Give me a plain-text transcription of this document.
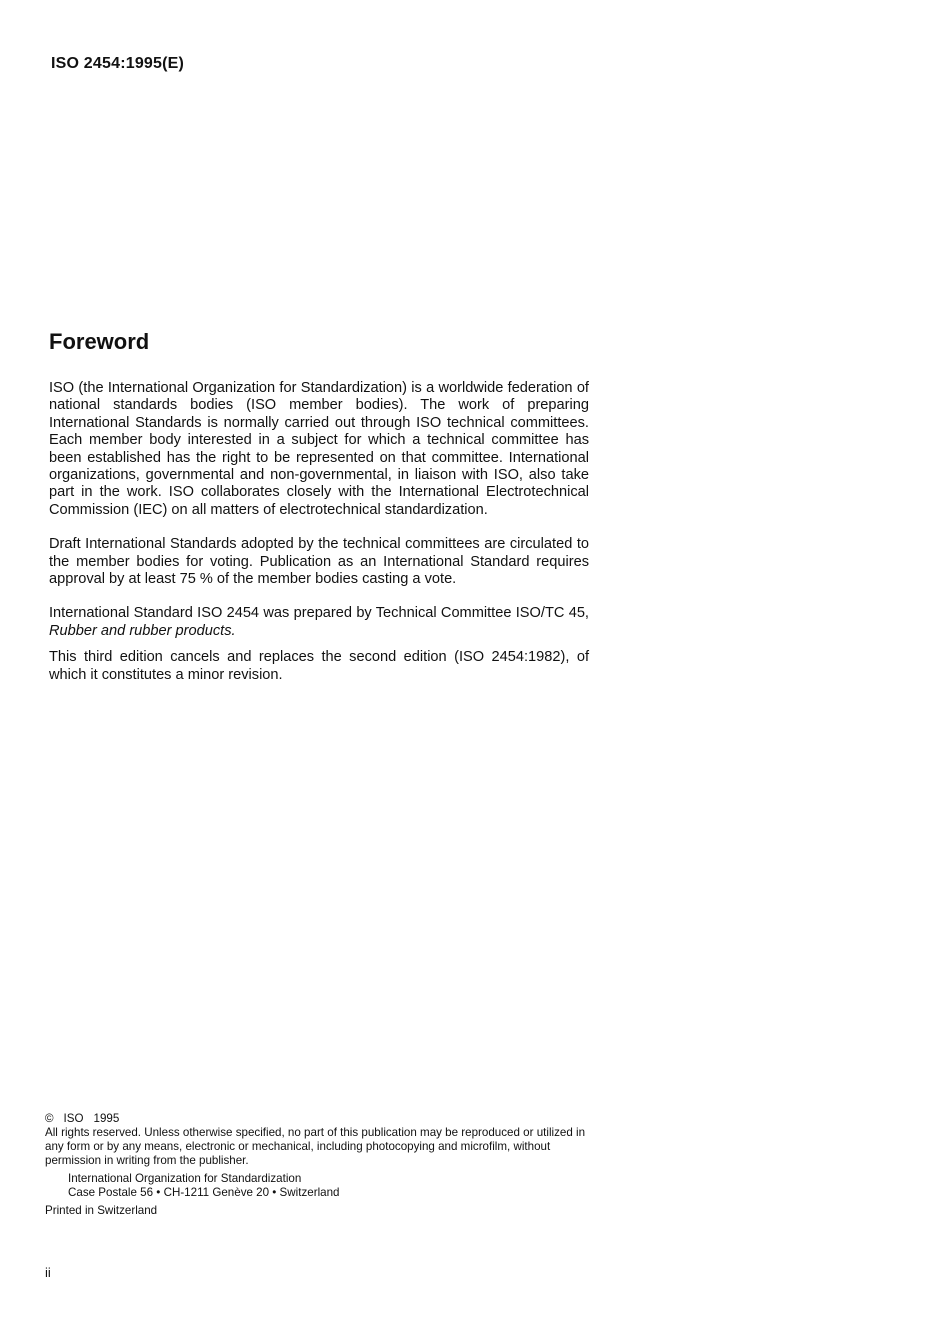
ISO 2454:1995(E)
Foreword

ISO (the International Organization for Standardization) is a worldwide federation of national standards bodies (ISO member bodies). The work of preparing International Standards is normally carried out through ISO technical committees. Each member body interested in a subject for which a technical committee has been established has the right to be represented on that committee. International organizations, governmental and non-governmental, in liaison with ISO, also take part in the work. ISO collaborates closely with the International Electrotechnical Commission (IEC) on all matters of electrotechnical standardization.

Draft International Standards adopted by the technical committees are circulated to the member bodies for voting. Publication as an International Standard requires approval by at least 75 % of the member bodies casting a vote.

International Standard ISO 2454 was prepared by Technical Committee ISO/TC 45, Rubber and rubber products.

This third edition cancels and replaces the second edition (ISO 2454:1982), of which it constitutes a minor revision.

© ISO 1995
All rights reserved. Unless otherwise specified, no part of this publication may be reproduced or utilized in any form or by any means, electronic or mechanical, including photocopying and microfilm, without permission in writing from the publisher.
International Organization for Standardization
Case Postale 56 • CH-1211 Genève 20 • Switzerland
Printed in Switzerland
ii
